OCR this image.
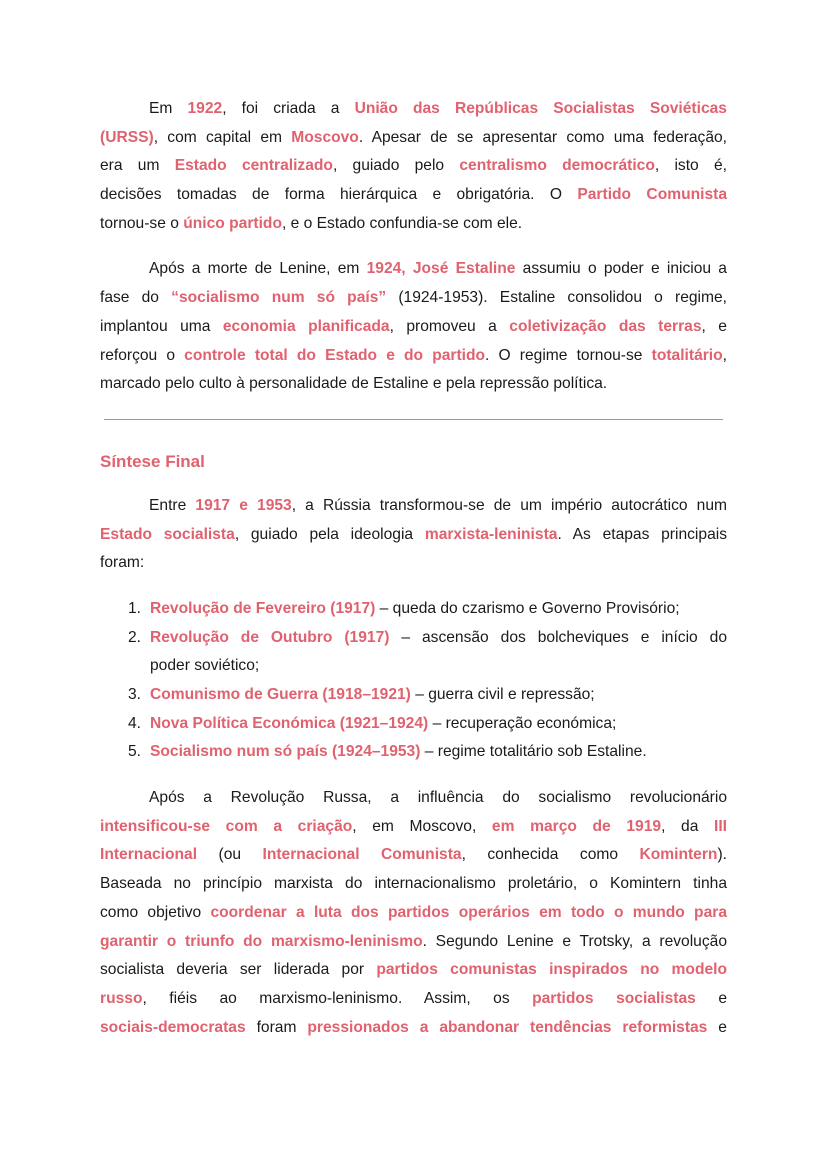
Em 1922, foi criada a União das Repúblicas Socialistas Soviéticas
(URSS), com capital em Moscovo. Apesar de se apresentar como uma federação,
era um Estado centralizado, guiado pelo centralismo democrático, isto é,
decisões tomadas de forma hierárquica e obrigatória. O Partido Comunista
tornou-se o único partido, e o Estado confundia-se com ele.
Após a morte de Lenine, em 1924, José Estaline assumiu o poder e iniciou a
fase do “socialismo num só país” (1924-1953). Estaline consolidou o regime,
implantou uma economia planificada, promoveu a coletivização das terras, e
reforçou o controle total do Estado e do partido. O regime tornou-se totalitário,
marcado pelo culto à personalidade de Estaline e pela repressão política.
Síntese Final
Entre 1917 e 1953, a Rússia transformou-se de um império autocrático num
Estado socialista, guiado pela ideologia marxista-leninista. As etapas principais
foram:
1. Revolução de Fevereiro (1917) – queda do czarismo e Governo Provisório;
2. Revolução de Outubro (1917) – ascensão dos bolcheviques e início do
poder soviético;
3. Comunismo de Guerra (1918–1921) – guerra civil e repressão;
4. Nova Política Económica (1921–1924) – recuperação económica;
5. Socialismo num só país (1924–1953) – regime totalitário sob Estaline.
Após a Revolução Russa, a influência do socialismo revolucionário
intensificou-se com a criação, em Moscovo, em março de 1919, da III
Internacional (ou Internacional Comunista, conhecida como Komintern).
Baseada no princípio marxista do internacionalismo proletário, o Komintern tinha
como objetivo coordenar a luta dos partidos operários em todo o mundo para
garantir o triunfo do marxismo-leninismo. Segundo Lenine e Trotsky, a revolução
socialista deveria ser liderada por partidos comunistas inspirados no modelo
russo, fiéis ao marxismo-leninismo. Assim, os partidos socialistas e
sociais-democratas foram pressionados a abandonar tendências reformistas e
